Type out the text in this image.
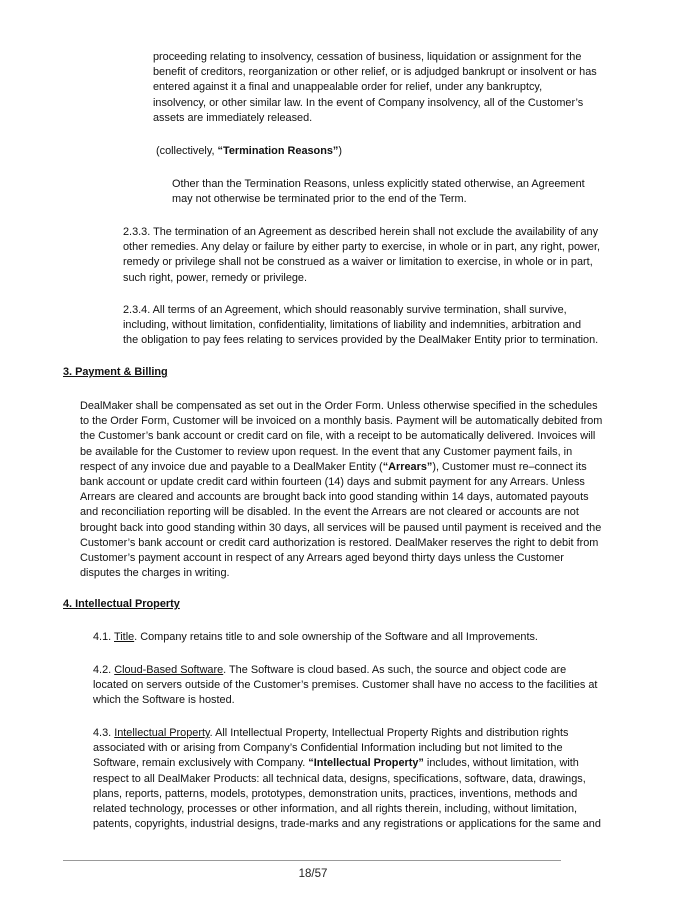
proceeding relating to insolvency, cessation of business, liquidation or assignment for the
benefit of creditors, reorganization or other relief, or is adjudged bankrupt or insolvent or has
entered against it a final and unappealable order for relief, under any bankruptcy,
insolvency, or other similar law. In the event of Company insolvency, all of the Customer’s
assets are immediately released.
(collectively, “Termination Reasons”)
Other than the Termination Reasons, unless explicitly stated otherwise, an Agreement
may not otherwise be terminated prior to the end of the Term.
2.3.3. The termination of an Agreement as described herein shall not exclude the availability of any
other remedies. Any delay or failure by either party to exercise, in whole or in part, any right, power,
remedy or privilege shall not be construed as a waiver or limitation to exercise, in whole or in part,
such right, power, remedy or privilege.
2.3.4. All terms of an Agreement, which should reasonably survive termination, shall survive,
including, without limitation, confidentiality, limitations of liability and indemnities, arbitration and
the obligation to pay fees relating to services provided by the DealMaker Entity prior to termination.
3. Payment & Billing
DealMaker shall be compensated as set out in the Order Form. Unless otherwise specified in the schedules
to the Order Form, Customer will be invoiced on a monthly basis. Payment will be automatically debited from
the Customer’s bank account or credit card on file, with a receipt to be automatically delivered. Invoices will
be available for the Customer to review upon request. In the event that any Customer payment fails, in
respect of any invoice due and payable to a DealMaker Entity (“Arrears”), Customer must re–connect its
bank account or update credit card within fourteen (14) days and submit payment for any Arrears. Unless
Arrears are cleared and accounts are brought back into good standing within 14 days, automated payouts
and reconciliation reporting will be disabled. In the event the Arrears are not cleared or accounts are not
brought back into good standing within 30 days, all services will be paused until payment is received and the
Customer’s bank account or credit card authorization is restored. DealMaker reserves the right to debit from
Customer’s payment account in respect of any Arrears aged beyond thirty days unless the Customer
disputes the charges in writing.
4. Intellectual Property
4.1. Title. Company retains title to and sole ownership of the Software and all Improvements.
4.2. Cloud-Based Software. The Software is cloud based. As such, the source and object code are
located on servers outside of the Customer’s premises. Customer shall have no access to the facilities at
which the Software is hosted.
4.3. Intellectual Property. All Intellectual Property, Intellectual Property Rights and distribution rights
associated with or arising from Company’s Confidential Information including but not limited to the
Software, remain exclusively with Company. “Intellectual Property” includes, without limitation, with
respect to all DealMaker Products: all technical data, designs, specifications, software, data, drawings,
plans, reports, patterns, models, prototypes, demonstration units, practices, inventions, methods and
related technology, processes or other information, and all rights therein, including, without limitation,
patents, copyrights, industrial designs, trade-marks and any registrations or applications for the same and
18/57
